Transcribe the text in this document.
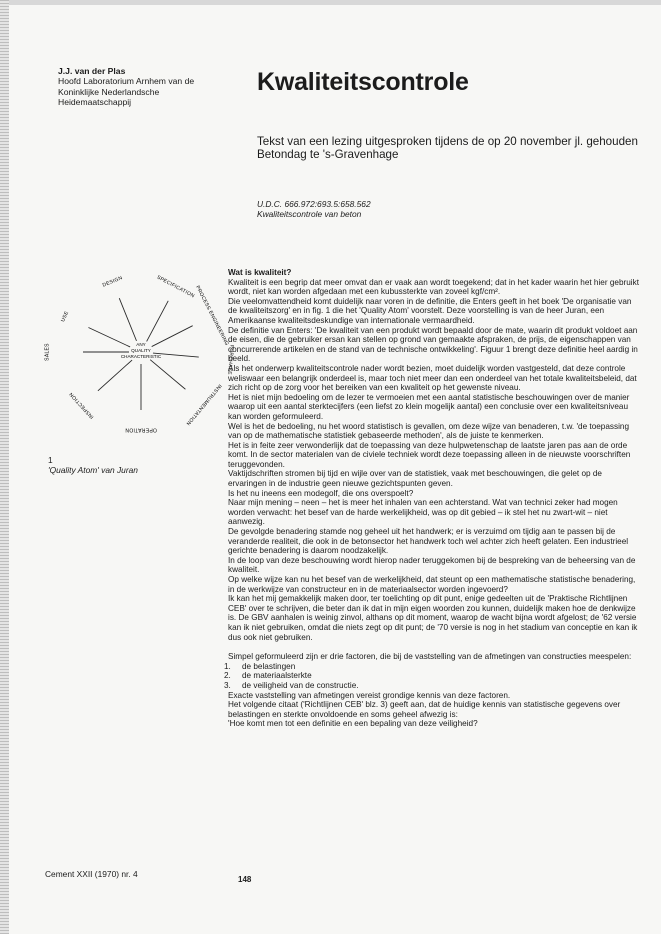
J.J. van der Plas
Hoofd Laboratorium Arnhem van de
Koninklijke Nederlandsche
Heidemaatschappij
Kwaliteitscontrole
Tekst van een lezing uitgesproken tijdens de op 20 november jl. gehouden Betondag te 's-Gravenhage
U.D.C. 666.972:693.5:658.562
Kwaliteitscontrole van beton
ANY
QUALITY
CHARACTERISTIC
DESIGN	SPECIFICATION
PROCESS ENGINEERING
PURCHASE
INSTRUMENTATION
OPERATION
INSPECTION
SALES
USE
1
'Quality Atom' van Juran

Wat is kwaliteit?

Kwaliteit is een begrip dat meer omvat dan er vaak aan wordt toegekend; dat in het kader waarin het hier gebruikt wordt, niet kan worden afgedaan met een kubussterkte van zoveel kgf/cm².

Die veelomvattendheid komt duidelijk naar voren in de definitie, die Enters geeft in het boek 'De organisatie van de kwaliteitszorg' en in fig. 1 die het 'Quality Atom' voorstelt. Deze voorstelling is van de heer Juran, een Amerikaanse kwaliteitsdeskundige van internationale vermaardheid.

De definitie van Enters: 'De kwaliteit van een produkt wordt bepaald door de mate, waarin dit produkt voldoet aan de eisen, die de gebruiker ersan kan stellen op grond van gemaakte afspraken, de prijs, de eigenschappen van concurrerende artikelen en de stand van de technische ontwikkeling'. Figuur 1 brengt deze definitie heel aardig in beeld.

Als het onderwerp kwaliteitscontrole nader wordt bezien, moet duidelijk worden vastgesteld, dat deze controle weliswaar een belangrijk onderdeel is, maar toch niet meer dan een onderdeel van het totale kwaliteitsbeleid, dat zich richt op de zorg voor het bereiken van een kwaliteit op het gewenste niveau.

Het is niet mijn bedoeling om de lezer te vermoeien met een aantal statistische beschouwingen over de manier waarop uit een aantal sterktecijfers (een liefst zo klein mogelijk aantal) een conclusie over een kwaliteitsniveau kan worden geformuleerd.

Wel is het de bedoeling, nu het woord statistisch is gevallen, om deze wijze van benaderen, t.w. 'de toepassing van op de mathematische statistiek gebaseerde methoden', als de juiste te kenmerken.

Het is in feite zeer verwonderlijk dat de toepassing van deze hulpwetenschap de laatste jaren pas aan de orde komt. In de sector materialen van de civiele techniek wordt deze toepassing alleen in de nieuwste voorschriften teruggevonden.

Vaktijdschriften stromen bij tijd en wijle over van de statistiek, vaak met beschouwingen, die gelet op de ervaringen in de industrie geen nieuwe gezichtspunten geven.

Is het nu ineens een modegolf, die ons overspoelt?

Naar mijn mening – neen – het is meer het inhalen van een achterstand. Wat van technici zeker had mogen worden verwacht: het besef van de harde werkelijkheid, was op dit gebied – ik stel het nu zwart-wit – niet aanwezig.

De gevolgde benadering stamde nog geheel uit het handwerk; er is verzuimd om tijdig aan te passen bij de veranderde realiteit, die ook in de betonsector het handwerk toch wel achter zich heeft gelaten. Een industrieel gerichte benadering is daarom noodzakelijk.

In de loop van deze beschouwing wordt hierop nader teruggekomen bij de bespreking van de beheersing van de kwaliteit.

Op welke wijze kan nu het besef van de werkelijkheid, dat steunt op een mathematische statistische benadering, in de werkwijze van constructeur en in de materiaalsector worden ingevoerd?

Ik kan het mij gemakkelijk maken door, ter toelichting op dit punt, enige gedeelten uit de 'Praktische Richtlijnen CEB' over te schrijven, die beter dan ik dat in mijn eigen woorden zou kunnen, duidelijk maken hoe de denkwijze is. De GBV aanhalen is weinig zinvol, althans op dit moment, waarop de wacht bijna wordt afgelost; de '62 versie kan ik niet gebruiken, omdat die niets zegt op dit punt; de '70 versie is nog in het stadium van conceptie en kan ik dus ook niet gebruiken.

Simpel geformuleerd zijn er drie factoren, die bij de vaststelling van de afmetingen van constructies meespelen:

1. de belastingen
2. de materiaalsterkte
3. de veiligheid van de constructie.

Exacte vaststelling van afmetingen vereist grondige kennis van deze factoren.

Het volgende citaat ('Richtlijnen CEB' blz. 3) geeft aan, dat de huidige kennis van statistische gegevens over belastingen en sterkte onvoldoende en soms geheel afwezig is:

'Hoe komt men tot een definitie en een bepaling van deze veiligheid?

Cement XXII (1970) nr. 4
148
